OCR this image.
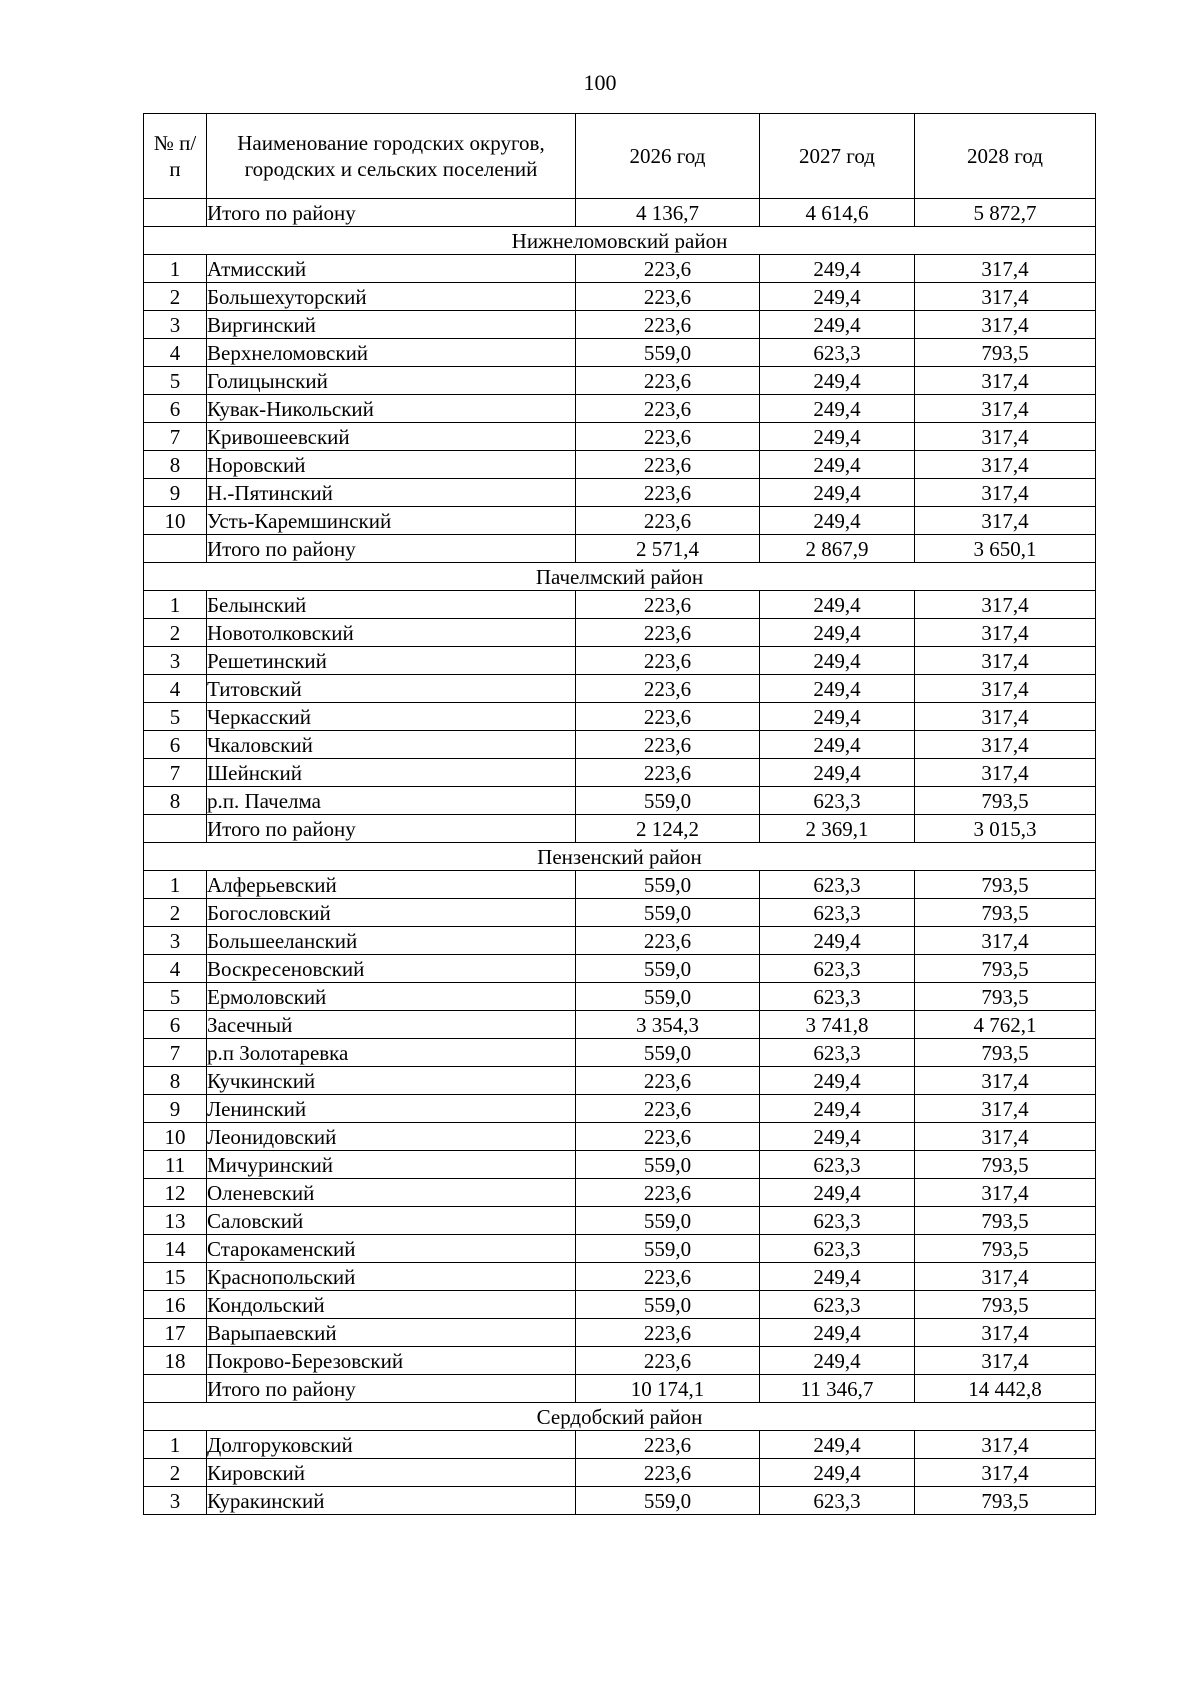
100
№ п/п	Наименование городских округов, городских и сельских поселений	2026 год	2027 год	2028 год
	Итого по району	4 136,7	4 614,6	5 872,7
Нижнеломовский район				
1	Атмисский	223,6	249,4	317,4
2	Большехуторский	223,6	249,4	317,4
3	Виргинский	223,6	249,4	317,4
4	Верхнеломовский	559,0	623,3	793,5
5	Голицынский	223,6	249,4	317,4
6	Кувак-Никольский	223,6	249,4	317,4
7	Кривошеевский	223,6	249,4	317,4
8	Норовский	223,6	249,4	317,4
9	Н.-Пятинский	223,6	249,4	317,4
10	Усть-Каремшинский	223,6	249,4	317,4
	Итого по району	2 571,4	2 867,9	3 650,1
Пачелмский район				
1	Белынский	223,6	249,4	317,4
2	Новотолковский	223,6	249,4	317,4
3	Решетинский	223,6	249,4	317,4
4	Титовский	223,6	249,4	317,4
5	Черкасский	223,6	249,4	317,4
6	Чкаловский	223,6	249,4	317,4
7	Шейнский	223,6	249,4	317,4
8	р.п. Пачелма	559,0	623,3	793,5
	Итого по району	2 124,2	2 369,1	3 015,3
Пензенский район				
1	Алферьевский	559,0	623,3	793,5
2	Богословский	559,0	623,3	793,5
3	Большееланский	223,6	249,4	317,4
4	Воскресеновский	559,0	623,3	793,5
5	Ермоловский	559,0	623,3	793,5
6	Засечный	3 354,3	3 741,8	4 762,1
7	р.п Золотаревка	559,0	623,3	793,5
8	Кучкинский	223,6	249,4	317,4
9	Ленинский	223,6	249,4	317,4
10	Леонидовский	223,6	249,4	317,4
11	Мичуринский	559,0	623,3	793,5
12	Оленевский	223,6	249,4	317,4
13	Саловский	559,0	623,3	793,5
14	Старокаменский	559,0	623,3	793,5
15	Краснопольский	223,6	249,4	317,4
16	Кондольский	559,0	623,3	793,5
17	Варыпаевский	223,6	249,4	317,4
18	Покрово-Березовский	223,6	249,4	317,4
	Итого по району	10 174,1	11 346,7	14 442,8
Сердобский район				
1	Долгоруковский	223,6	249,4	317,4
2	Кировский	223,6	249,4	317,4
3	Куракинский	559,0	623,3	793,5
